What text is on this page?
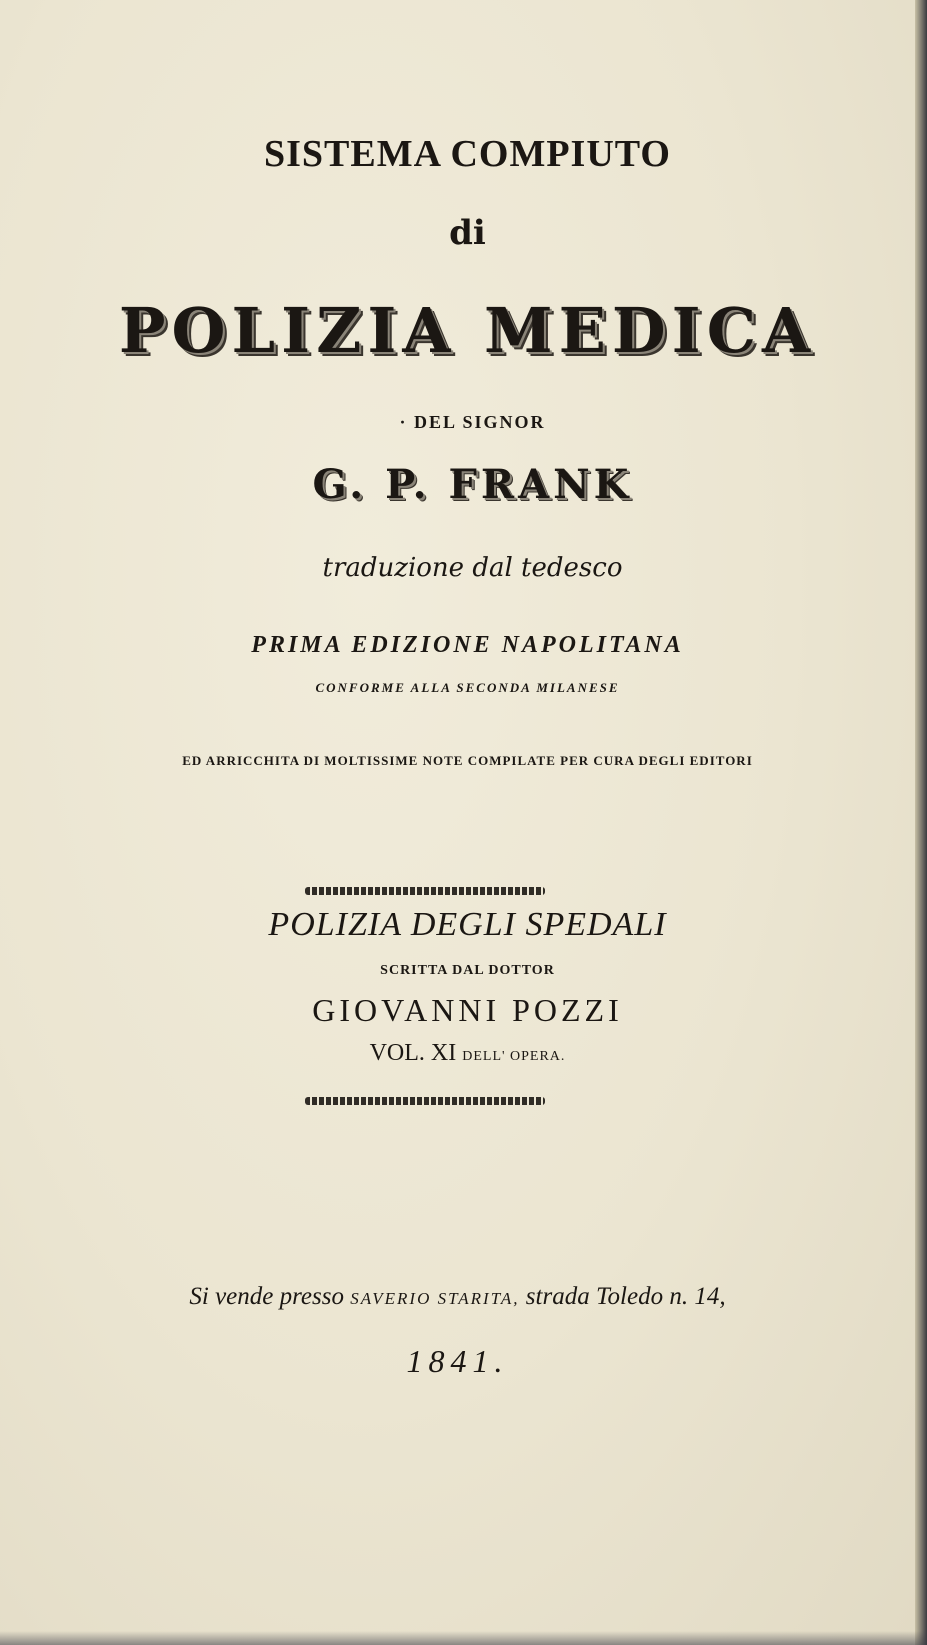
SISTEMA COMPIUTO

di

POLIZIA MEDICA

· DEL SIGNOR

G. P. FRANK

traduzione dal tedesco

PRIMA EDIZIONE NAPOLITANA

CONFORME ALLA SECONDA MILANESE

ED ARRICCHITA DI MOLTISSIME NOTE COMPILATE PER CURA DEGLI EDITORI

POLIZIA DEGLI SPEDALI

SCRITTA DAL DOTTOR

GIOVANNI POZZI

VOL. XI DELL' OPERA.

Si vende presso SAVERIO STARITA, strada Toledo n. 14,

1841.
